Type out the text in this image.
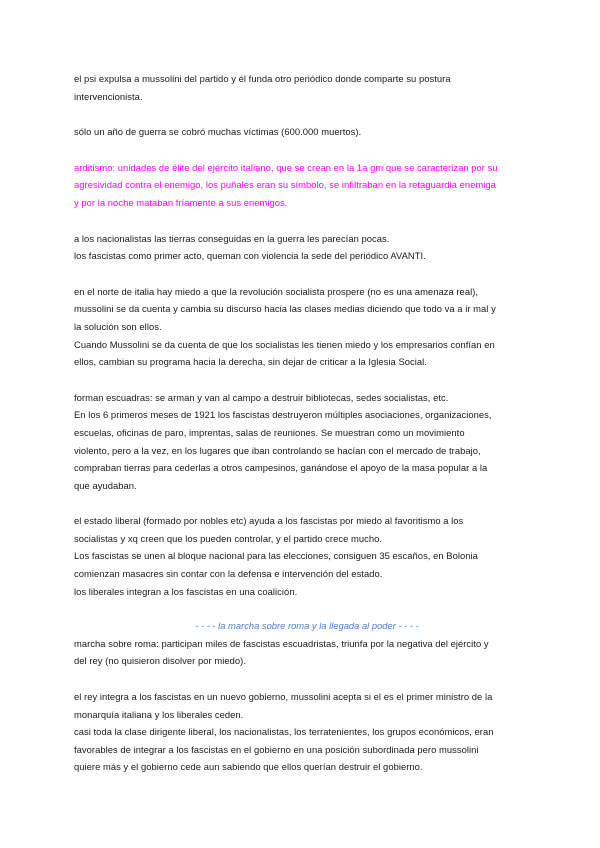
el psi expulsa a mussolini del partido y él funda otro periódico donde comparte su postura

intervencionista.

sólo un año de guerra se cobró muchas víctimas (600.000 muertos).

arditismo: unidades de élite del ejército italiano, que se crean en la 1a gm que se caracterizan por su

agresividad contra el enemigo, los puñales eran su símbolo, se infiltraban en la retaguardia enemiga

y por la noche mataban fríamente a sus enemigos.

a los nacionalistas las tierras conseguidas en la guerra les parecían pocas.

los fascistas como primer acto, queman con violencia la sede del periódico AVANTI.

en el norte de italia hay miedo a que la revolución socialista prospere (no es una amenaza real),

mussolini se da cuenta y cambia su discurso hacia las clases medias diciendo que todo va a ir mal y

la solución son ellos.

Cuando Mussolini se da cuenta de que los socialistas les tienen miedo y los empresarios confían en

ellos, cambian su programa hacia la derecha, sin dejar de criticar a la Iglesia Social.

forman escuadras: se arman y van al campo a destruir bibliotecas, sedes socialistas, etc.

En los 6 primeros meses de 1921 los fascistas destruyeron múltiples asociaciones, organizaciones,

escuelas, oficinas de paro, imprentas, salas de reuniones. Se muestran como un movimiento

violento, pero a la vez, en los lugares que iban controlando se hacían con el mercado de trabajo,

compraban tierras para cederlas a otros campesinos, ganándose el apoyo de la masa popular a la

que ayudaban.

el estado liberal (formado por nobles etc) ayuda a los fascistas por miedo al favoritismo a los

socialistas y xq creen que los pueden controlar, y el partido crece mucho.

Los fascistas se unen al bloque nacional para las elecciones, consiguen 35 escaños, en Bolonia

comienzan masacres sin contar con la defensa e intervención del estado.

los liberales integran a los fascistas en una coalición.

- - - - la marcha sobre roma y la llegada al poder - - - -

marcha sobre roma: participan miles de fascistas escuadristas, triunfa por la negativa del ejército y

del rey (no quisieron disolver por miedo).

el rey integra a los fascistas en un nuevo gobierno, mussolini acepta si el es el primer ministro de la

monarquía italiana y los liberales ceden.

casi toda la clase dirigente liberal, los nacionalistas, los terratenientes, los grupos económicos, eran

favorables de integrar a los fascistas en el gobierno en una posición subordinada pero mussolini

quiere más y el gobierno cede aun sabiendo que ellos querían destruir el gobierno.
